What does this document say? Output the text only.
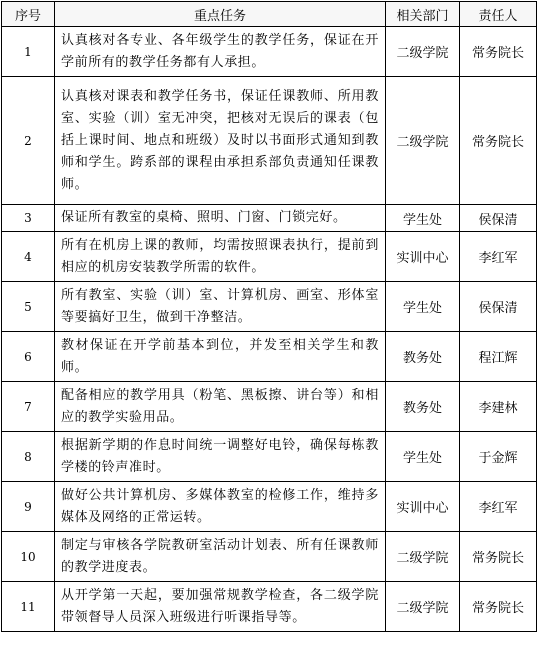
序号	重点任务	相关部门	责任人
1	认真核对各专业、各年级学生的教学任务，保证在开学前所有的教学任务都有人承担。	二级学院	常务院长
2	认真核对课表和教学任务书，保证任课教师、所用教室、实验（训）室无冲突，把核对无误后的课表（包括上课时间、地点和班级）及时以书面形式通知到教师和学生。跨系部的课程由承担系部负责通知任课教师。	二级学院	常务院长
3	保证所有教室的桌椅、照明、门窗、门锁完好。	学生处	侯保清
4	所有在机房上课的教师，均需按照课表执行，提前到相应的机房安装教学所需的软件。	实训中心	李红军
5	所有教室、实验（训）室、计算机房、画室、形体室等要搞好卫生，做到干净整洁。	学生处	侯保清
6	教材保证在开学前基本到位，并发至相关学生和教师。	教务处	程江辉
7	配备相应的教学用具（粉笔、黑板擦、讲台等）和相应的教学实验用品。	教务处	李建林
8	根据新学期的作息时间统一调整好电铃，确保每栋教学楼的铃声准时。	学生处	于金辉
9	做好公共计算机房、多媒体教室的检修工作，维持多媒体及网络的正常运转。	实训中心	李红军
10	制定与审核各学院教研室活动计划表、所有任课教师的教学进度表。	二级学院	常务院长
11	从开学第一天起，要加强常规教学检查，各二级学院带领督导人员深入班级进行听课指导等。	二级学院	常务院长
